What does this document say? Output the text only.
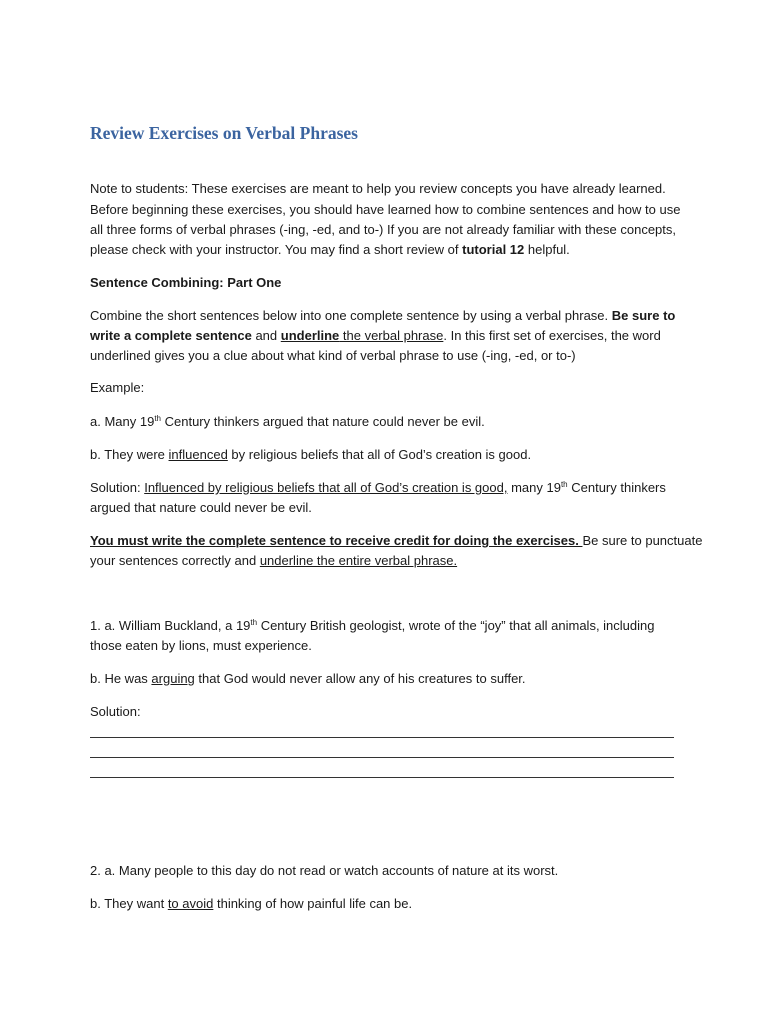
Review Exercises on Verbal Phrases
Note to students: These exercises are meant to help you review concepts you have already learned.
Before beginning these exercises, you should have learned how to combine sentences and how to use
all three forms of verbal phrases (-ing, -ed, and to-) If you are not already familiar with these concepts,
please check with your instructor. You may find a short review of tutorial 12 helpful.
Sentence Combining: Part One
Combine the short sentences below into one complete sentence by using a verbal phrase. Be sure to
write a complete sentence and underline the verbal phrase. In this first set of exercises, the word
underlined gives you a clue about what kind of verbal phrase to use (-ing, -ed, or to-)
Example:
a. Many 19th Century thinkers argued that nature could never be evil.
b. They were influenced by religious beliefs that all of God’s creation is good.
Solution: Influenced by religious beliefs that all of God’s creation is good, many 19th Century thinkers
argued that nature could never be evil.
You must write the complete sentence to receive credit for doing the exercises. Be sure to punctuate
your sentences correctly and underline the entire verbal phrase.
1. a. William Buckland, a 19th Century British geologist, wrote of the “joy” that all animals, including
those eaten by lions, must experience.
b. He was arguing that God would never allow any of his creatures to suffer.
Solution:
2. a. Many people to this day do not read or watch accounts of nature at its worst.
b. They want to avoid thinking of how painful life can be.
